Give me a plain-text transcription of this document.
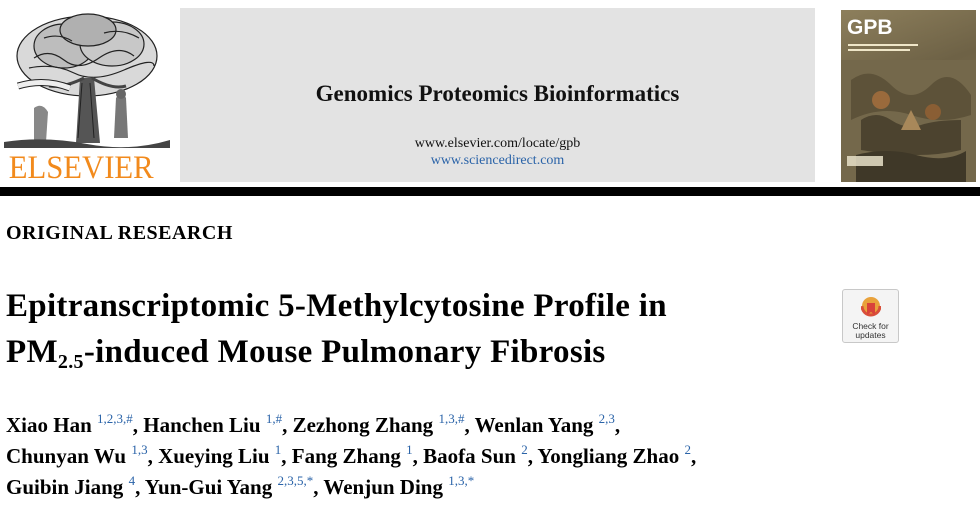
ELSEVIER
Genomics Proteomics Bioinformatics
www.elsevier.com/locate/gpb
www.sciencedirect.com
GPB
ORIGINAL RESEARCH
Epitranscriptomic 5-Methylcytosine Profile in
$PM_{2.5}$-induced Mouse Pulmonary Fibrosis
Check for
updates
Xiao Han $^{1,2,3,\#}$, Hanchen Liu $^{1,\#}$, Zezhong Zhang $^{1,3,\#}$, Wenlan Yang $^{2,3}$,
Chunyan Wu $^{1,3}$, Xueying Liu $^1$, Fang Zhang $^1$, Baofa Sun $^2$, Yongliang Zhao $^2$,
Guibin Jiang $^4$, Yun-Gui Yang $^{2,3,5,*}$, Wenjun Ding $^{1,3,*}$
